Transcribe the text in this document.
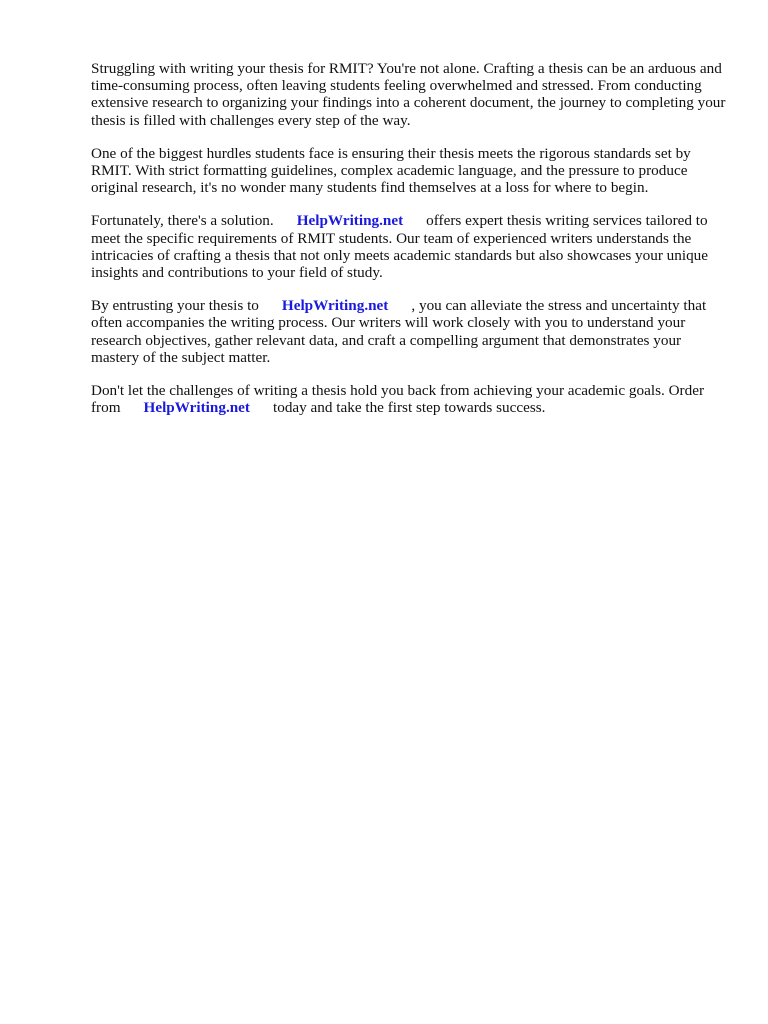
Struggling with writing your thesis for RMIT? You're not alone. Crafting a thesis can be an arduous and time-consuming process, often leaving students feeling overwhelmed and stressed. From conducting extensive research to organizing your findings into a coherent document, the journey to completing your thesis is filled with challenges every step of the way.

One of the biggest hurdles students face is ensuring their thesis meets the rigorous standards set by RMIT. With strict formatting guidelines, complex academic language, and the pressure to produce original research, it's no wonder many students find themselves at a loss for where to begin.

Fortunately, there's a solution. HelpWriting.net offers expert thesis writing services tailored to meet the specific requirements of RMIT students. Our team of experienced writers understands the intricacies of crafting a thesis that not only meets academic standards but also showcases your unique insights and contributions to your field of study.

By entrusting your thesis to HelpWriting.net , you can alleviate the stress and uncertainty that often accompanies the writing process. Our writers will work closely with you to understand your research objectives, gather relevant data, and craft a compelling argument that demonstrates your mastery of the subject matter.

Don't let the challenges of writing a thesis hold you back from achieving your academic goals. Order from HelpWriting.net today and take the first step towards success.
